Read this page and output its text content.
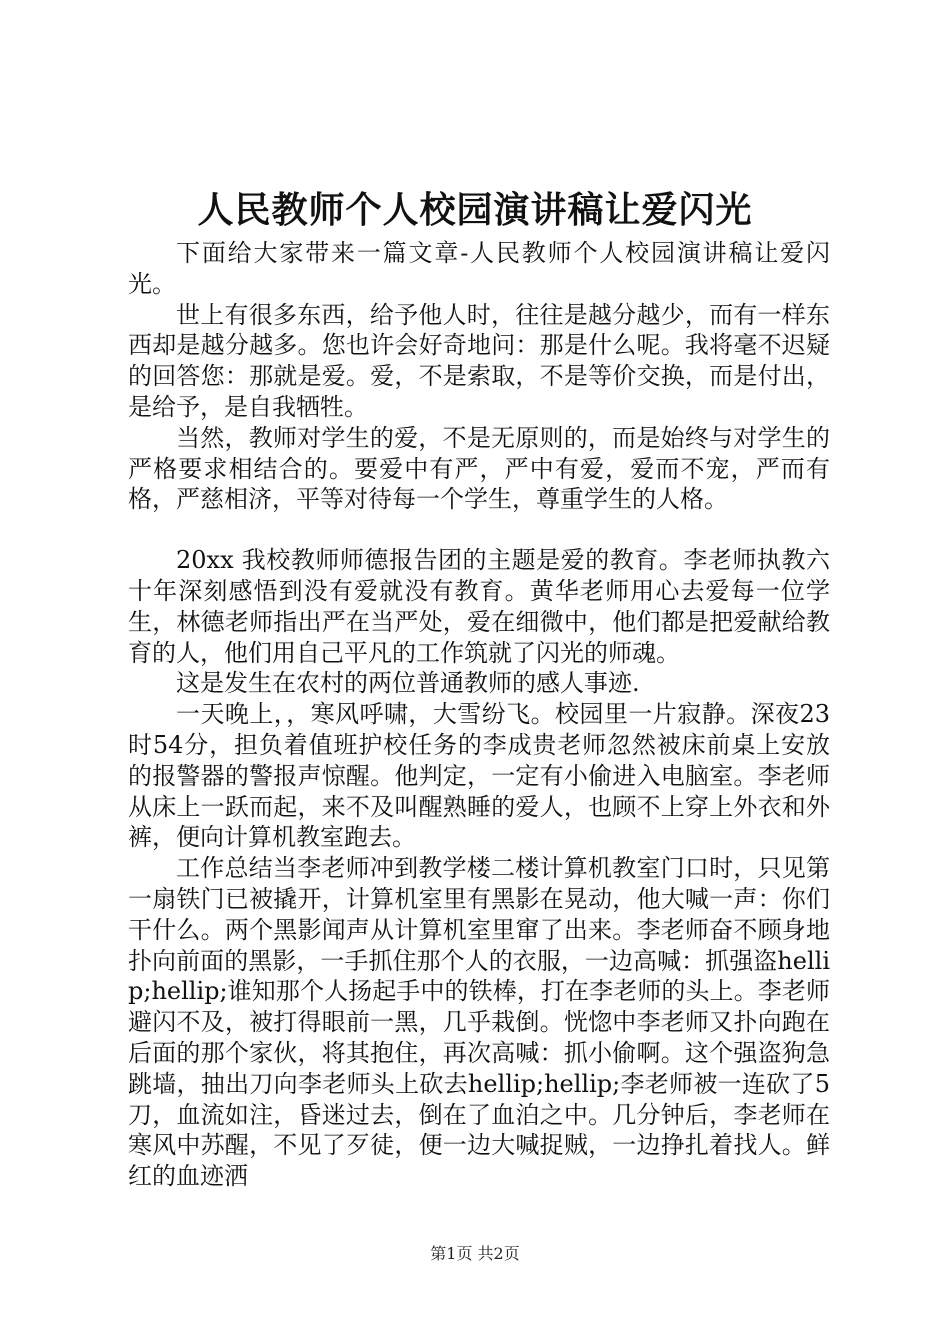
人民教师个人校园演讲稿让爱闪光

下面给大家带来一篇文章-人民教师个人校园演讲稿让爱闪光。

世上有很多东西，给予他人时，往往是越分越少，而有一样东西却是越分越多。您也许会好奇地问：那是什么呢。我将毫不迟疑的回答您：那就是爱。爱，不是索取，不是等价交换，而是付出，是给予，是自我牺牲。

当然，教师对学生的爱，不是无原则的，而是始终与对学生的严格要求相结合的。要爱中有严，严中有爱，爱而不宠，严而有格，严慈相济，平等对待每一个学生，尊重学生的人格。

20xx 我校教师师德报告团的主题是爱的教育。李老师执教六十年深刻感悟到没有爱就没有教育。黄华老师用心去爱每一位学生，林德老师指出严在当严处，爱在细微中，他们都是把爱献给教育的人，他们用自己平凡的工作筑就了闪光的师魂。

这是发生在农村的两位普通教师的感人事迹.

一天晚上，，寒风呼啸，大雪纷飞。校园里一片寂静。深夜23时54分，担负着值班护校任务的李成贵老师忽然被床前桌上安放的报警器的警报声惊醒。他判定，一定有小偷进入电脑室。李老师从床上一跃而起，来不及叫醒熟睡的爱人，也顾不上穿上外衣和外裤，便向计算机教室跑去。

工作总结当李老师冲到教学楼二楼计算机教室门口时，只见第一扇铁门已被撬开，计算机室里有黑影在晃动，他大喊一声：你们干什么。两个黑影闻声从计算机室里窜了出来。李老师奋不顾身地扑向前面的黑影，一手抓住那个人的衣服，一边高喊：抓强盗hellip;hellip;谁知那个人扬起手中的铁棒，打在李老师的头上。李老师避闪不及，被打得眼前一黑，几乎栽倒。恍惚中李老师又扑向跑在后面的那个家伙，将其抱住，再次高喊：抓小偷啊。这个强盗狗急跳墙，抽出刀向李老师头上砍去hellip;hellip;李老师被一连砍了5刀，血流如注，昏迷过去，倒在了血泊之中。几分钟后，李老师在寒风中苏醒，不见了歹徒，便一边大喊捉贼，一边挣扎着找人。鲜红的血迹洒

第1页 共2页
